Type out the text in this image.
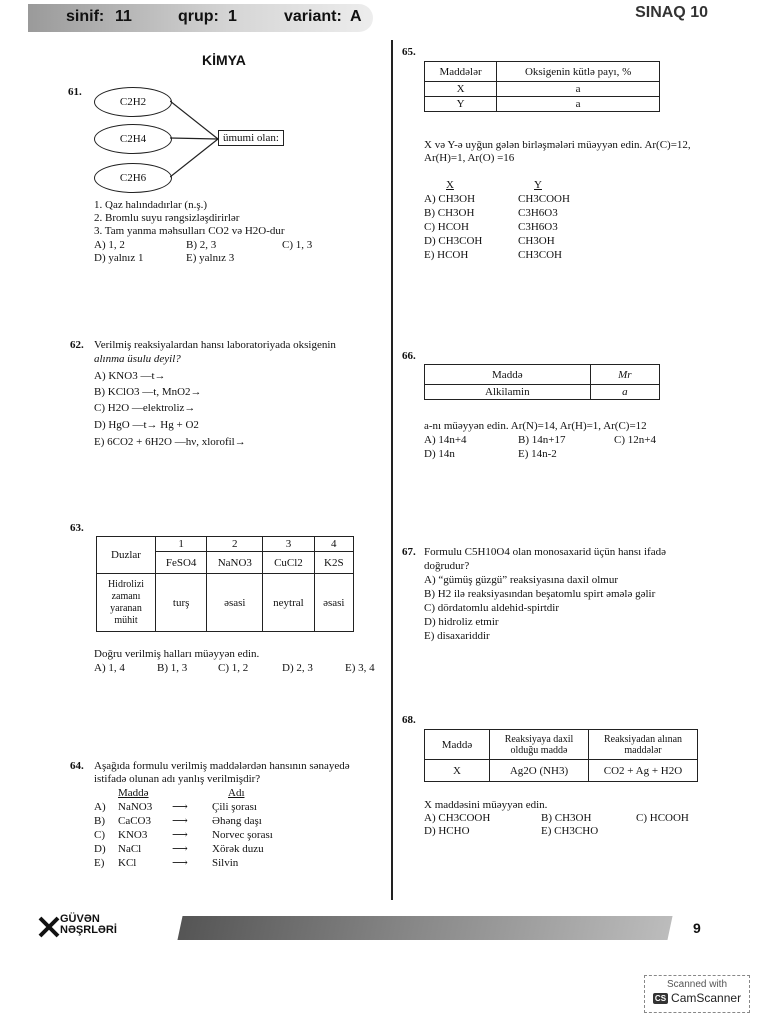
sinif: 11	qrup: 1	variant: A	SINAQ 10
KİMYA
61.
C2H2
C2H4
C2H6
ümumi olan:
1. Qaz halındadırlar (n.ş.)
2. Bromlu suyu rəngsizləşdirirlər
3. Tam yanma məhsulları CO2 və H2O-dur
A) 1, 2	B) 2, 3	C) 1, 3
D) yalnız 1	E) yalnız 3
62. Verilmiş reaksiyalardan hansı laboratoriyada oksigenin
alınma üsulu deyil?
A) KNO3 —t→
B) KClO3 —t, MnO2→
C) H2O —elektroliz→
D) HgO —t→ Hg + O2
E) 6CO2 + 6H2O —hν, xlorofil→
63.
Duzlar	1	2	3	4
	FeSO4	NaNO3	CuCl2	K2S
Hidrolizi zamanı yaranan mühit	turş	əsasi	neytral	əsasi
Doğru verilmiş halları müəyyən edin.
A) 1, 4	B) 1, 3	C) 1, 2	D) 2, 3	E) 3, 4
64. Aşağıda formulu verilmiş maddələrdən hansının sənayedə
istifadə olunan adı yanlış verilmişdir?
Maddə	Adı
A) NaNO3 ⟶ Çili şorası
B) CaCO3 ⟶ Əhəng daşı
C) KNO3 ⟶ Norvec şorası
D) NaCl	⟶ Xörək duzu
E) KCl	⟶ Silvin
65.
Maddələr	Oksigenin kütlə payı, %
X	a
Y	a
X və Y-ə uyğun gələn birləşmələri müəyyən edin. Ar(C)=12,
Ar(H)=1, Ar(O) =16
X	Y
A) CH3OH	CH3COOH
B) CH3OH	C3H6O3
C) HCOH	C3H6O3
D) CH3COH	CH3OH
E) HCOH	CH3COH
66.
Maddə	Mr
Alkilamin	a
a-nı müəyyən edin. Ar(N)=14, Ar(H)=1, Ar(C)=12
A) 14n+4	B) 14n+17	C) 12n+4
D) 14n	E) 14n-2
67. Formulu C5H10O4 olan monosaxarid üçün hansı ifadə
doğrudur?
A) “gümüş güzgü” reaksiyasına daxil olmur
B) H2 ilə reaksiyasından beşatomlu spirt əmələ gəlir
C) dördatomlu aldehid-spirtdir
D) hidroliz etmir
E) disaxariddir
68.
Maddə	Reaksiyaya daxil olduğu maddə	Reaksiyadan alınan maddələr
X	Ag2O (NH3)	CO2 + Ag + H2O
X maddəsini müəyyən edin.
A) CH3COOH	B) CH3OH	C) HCOOH
D) HCHO	E) CH3CHO
GÜVƏN
NƏŞRLƏRİ	9
Scanned with
CS CamScanner
